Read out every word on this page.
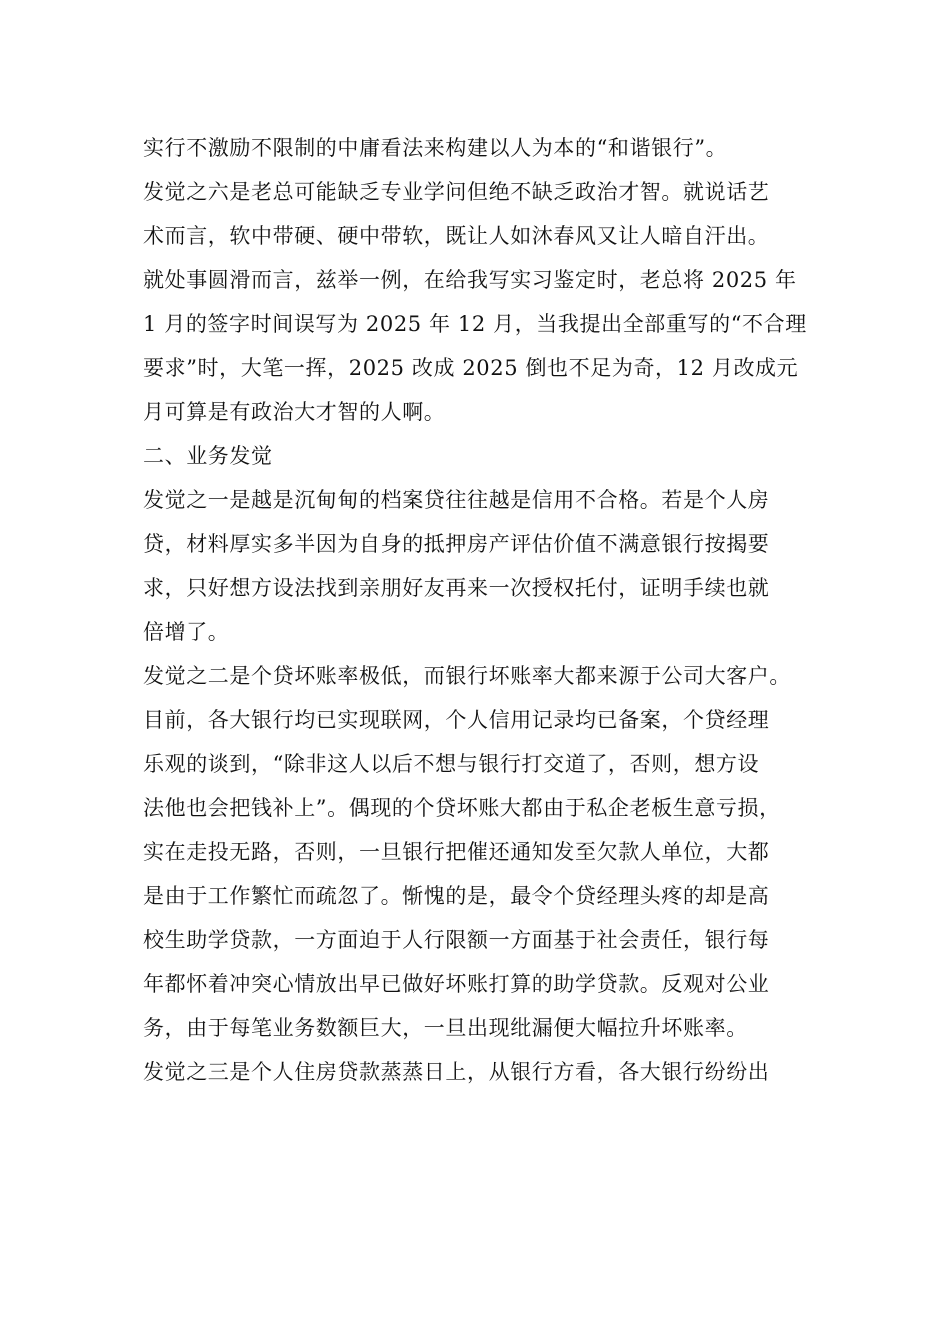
实行不激励不限制的中庸看法来构建以人为本的“和谐银行”。
发觉之六是老总可能缺乏专业学问但绝不缺乏政治才智。就说话艺
术而言，软中带硬、硬中带软，既让人如沐春风又让人暗自汗出。
就处事圆滑而言，兹举一例，在给我写实习鉴定时，老总将 2025 年
1 月的签字时间误写为 2025 年 12 月，当我提出全部重写的“不合理
要求”时，大笔一挥，2025 改成 2025 倒也不足为奇，12 月改成元
月可算是有政治大才智的人啊。
二、业务发觉
发觉之一是越是沉甸甸的档案贷往往越是信用不合格。若是个人房
贷，材料厚实多半因为自身的抵押房产评估价值不满意银行按揭要
求，只好想方设法找到亲朋好友再来一次授权托付，证明手续也就
倍增了。
发觉之二是个贷坏账率极低，而银行坏账率大都来源于公司大客户。
目前，各大银行均已实现联网，个人信用记录均已备案，个贷经理
乐观的谈到，“除非这人以后不想与银行打交道了，否则，想方设
法他也会把钱补上”。偶现的个贷坏账大都由于私企老板生意亏损，
实在走投无路，否则，一旦银行把催还通知发至欠款人单位，大都
是由于工作繁忙而疏忽了。惭愧的是，最令个贷经理头疼的却是高
校生助学贷款，一方面迫于人行限额一方面基于社会责任，银行每
年都怀着冲突心情放出早已做好坏账打算的助学贷款。反观对公业
务，由于每笔业务数额巨大，一旦出现纰漏便大幅拉升坏账率。
发觉之三是个人住房贷款蒸蒸日上，从银行方看，各大银行纷纷出
